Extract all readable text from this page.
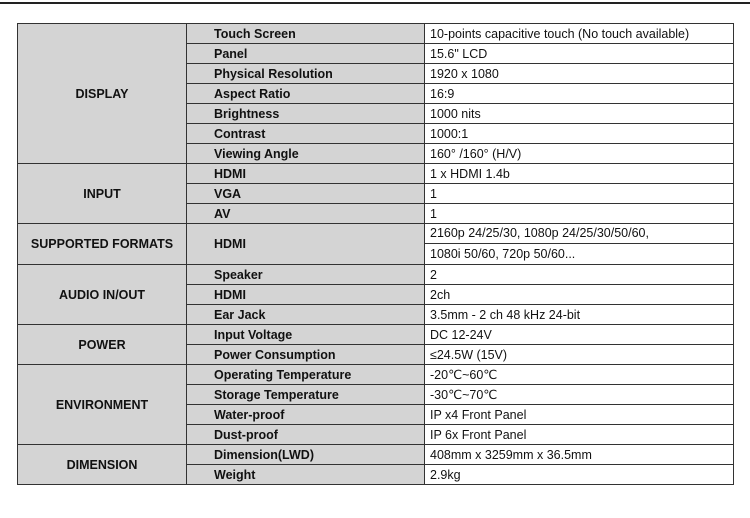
DISPLAY	Touch Screen	10-points capacitive touch (No touch available)
	Panel	15.6" LCD
	Physical Resolution	1920 x 1080
	Aspect Ratio	16:9
	Brightness	1000 nits
	Contrast	1000:1
	Viewing Angle	160° /160° (H/V)
INPUT	HDMI	1 x HDMI 1.4b
	VGA	1
	AV	1
SUPPORTED FORMATS	HDMI	2160p 24/25/30, 1080p 24/25/30/50/60,
1080i 50/60, 720p 50/60...

AUDIO IN/OUT	Speaker	2
	HDMI	2ch
	Ear Jack	3.5mm - 2 ch 48 kHz 24-bit
POWER	Input Voltage	DC 12-24V
	Power Consumption	≤24.5W (15V)
ENVIRONMENT	Operating Temperature	-20℃~60℃
	Storage Temperature	-30℃~70℃
	Water-proof	IP x4 Front Panel
	Dust-proof	IP 6x Front Panel
DIMENSION	Dimension(LWD)	408mm x 3259mm x 36.5mm
	Weight	2.9kg
